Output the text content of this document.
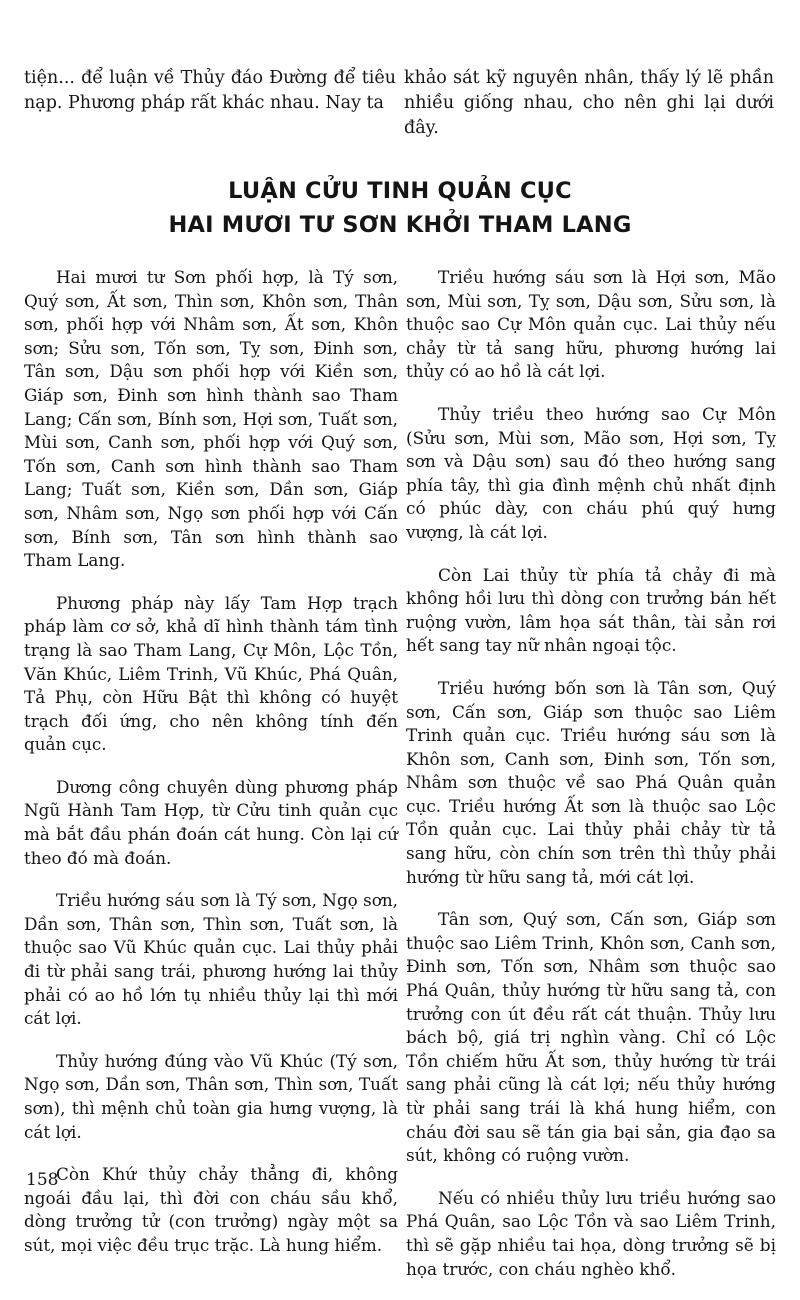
tiện... để luận về Thủy đáo Đường để tiêu nạp. Phương pháp rất khác nhau. Nay ta

khảo sát kỹ nguyên nhân, thấy lý lẽ phần nhiều giống nhau, cho nên ghi lại dưới đây.

LUẬN CỬU TINH QUẢN CỤC
HAI MƯƠI TƯ SƠN KHỞI THAM LANG

Hai mươi tư Sơn phối hợp, là Tý sơn, Quý sơn, Ất sơn, Thìn sơn, Khôn sơn, Thân sơn, phối hợp với Nhâm sơn, Ất sơn, Khôn sơn; Sửu sơn, Tốn sơn, Tỵ sơn, Đinh sơn, Tân sơn, Dậu sơn phối hợp với Kiền sơn, Giáp sơn, Đinh sơn hình thành sao Tham Lang; Cấn sơn, Bính sơn, Hợi sơn, Tuất sơn, Mùi sơn, Canh sơn, phối hợp với Quý sơn, Tốn sơn, Canh sơn hình thành sao Tham Lang; Tuất sơn, Kiền sơn, Dần sơn, Giáp sơn, Nhâm sơn, Ngọ sơn phối hợp với Cấn sơn, Bính sơn, Tân sơn hình thành sao Tham Lang.

Phương pháp này lấy Tam Hợp trạch pháp làm cơ sở, khả dĩ hình thành tám tình trạng là sao Tham Lang, Cự Môn, Lộc Tồn, Văn Khúc, Liêm Trinh, Vũ Khúc, Phá Quân, Tả Phụ, còn Hữu Bật thì không có huyệt trạch đối ứng, cho nên không tính đến quản cục.

Dương công chuyên dùng phương pháp Ngũ Hành Tam Hợp, từ Cửu tinh quản cục mà bắt đầu phán đoán cát hung. Còn lại cứ theo đó mà đoán.

Triều hướng sáu sơn là Tý sơn, Ngọ sơn, Dần sơn, Thân sơn, Thìn sơn, Tuất sơn, là thuộc sao Vũ Khúc quản cục. Lai thủy phải đi từ phải sang trái, phương hướng lai thủy phải có ao hồ lớn tụ nhiều thủy lại thì mới cát lợi.

Thủy hướng đúng vào Vũ Khúc (Tý sơn, Ngọ sơn, Dần sơn, Thân sơn, Thìn sơn, Tuất sơn), thì mệnh chủ toàn gia hưng vượng, là cát lợi.

Còn Khứ thủy chảy thẳng đi, không ngoái đầu lại, thì đời con cháu sầu khổ, dòng trưởng tử (con trưởng) ngày một sa sút, mọi việc đều trục trặc. Là hung hiểm.

Triều hướng sáu sơn là Hợi sơn, Mão sơn, Mùi sơn, Tỵ sơn, Dậu sơn, Sửu sơn, là thuộc sao Cự Môn quản cục. Lai thủy nếu chảy từ tả sang hữu, phương hướng lai thủy có ao hồ là cát lợi.

Thủy triều theo hướng sao Cự Môn (Sửu sơn, Mùi sơn, Mão sơn, Hợi sơn, Tỵ sơn và Dậu sơn) sau đó theo hướng sang phía tây, thì gia đình mệnh chủ nhất định có phúc dày, con cháu phú quý hưng vượng, là cát lợi.

Còn Lai thủy từ phía tả chảy đi mà không hồi lưu thì dòng con trưởng bán hết ruộng vườn, lâm họa sát thân, tài sản rơi hết sang tay nữ nhân ngoại tộc.

Triều hướng bốn sơn là Tân sơn, Quý sơn, Cấn sơn, Giáp sơn thuộc sao Liêm Trinh quản cục. Triều hướng sáu sơn là Khôn sơn, Canh sơn, Đinh sơn, Tốn sơn, Nhâm sơn thuộc về sao Phá Quân quản cục. Triều hướng Ất sơn là thuộc sao Lộc Tồn quản cục. Lai thủy phải chảy từ tả sang hữu, còn chín sơn trên thì thủy phải hướng từ hữu sang tả, mới cát lợi.

Tân sơn, Quý sơn, Cấn sơn, Giáp sơn thuộc sao Liêm Trinh, Khôn sơn, Canh sơn, Đinh sơn, Tốn sơn, Nhâm sơn thuộc sao Phá Quân, thủy hướng từ hữu sang tả, con trưởng con út đều rất cát thuận. Thủy lưu bách bộ, giá trị nghìn vàng. Chỉ có Lộc Tồn chiếm hữu Ất sơn, thủy hướng từ trái sang phải cũng là cát lợi; nếu thủy hướng từ phải sang trái là khá hung hiểm, con cháu đời sau sẽ tán gia bại sản, gia đạo sa sút, không có ruộng vườn.

Nếu có nhiều thủy lưu triều hướng sao Phá Quân, sao Lộc Tồn và sao Liêm Trinh, thì sẽ gặp nhiều tai họa, dòng trưởng sẽ bị họa trước, con cháu nghèo khổ.

158
